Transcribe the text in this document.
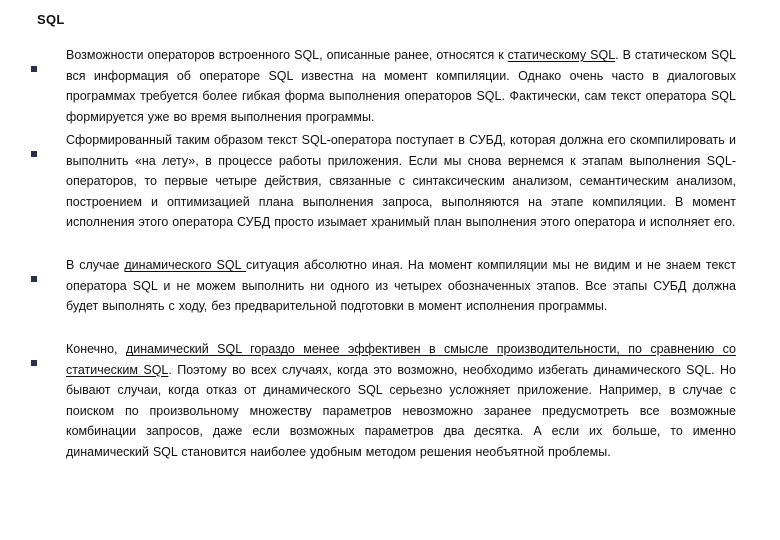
SQL
Возможности операторов встроенного SQL, описанные ранее, относятся к статическому SQL. В статическом SQL вся информация об операторе SQL известна на момент компиляции. Однако очень часто в диалоговых программах требуется более гибкая форма выполнения операторов SQL. Фактически, сам текст оператора SQL формируется уже во время выполнения программы.
Сформированный таким образом текст SQL-оператора поступает в СУБД, которая должна его скомпилировать и выполнить «на лету», в процессе работы приложения. Если мы снова вернемся к этапам выполнения SQL-операторов, то первые четыре действия, связанные с синтаксическим анализом, семантическим анализом, построением и оптимизацией плана выполнения запроса, выполняются на этапе компиляции. В момент исполнения этого оператора СУБД просто изымает хранимый план выполнения этого оператора и исполняет его.
В случае динамического SQL ситуация абсолютно иная. На момент компиляции мы не видим и не знаем текст оператора SQL и не можем выполнить ни одного из четырех обозначенных этапов. Все этапы СУБД должна будет выполнять с ходу, без предварительной подготовки в момент исполнения программы.
Конечно, динамический SQL гораздо менее эффективен в смысле производительности, по сравнению со статическим SQL. Поэтому во всех случаях, когда это возможно, необходимо избегать динамического SQL. Но бывают случаи, когда отказ от динамического SQL серьезно усложняет приложение. Например, в случае с поиском по произвольному множеству параметров невозможно заранее предусмотреть все возможные комбинации запросов, даже если возможных параметров два десятка. А если их больше, то именно динамический SQL становится наиболее удобным методом решения необъятной проблемы.
